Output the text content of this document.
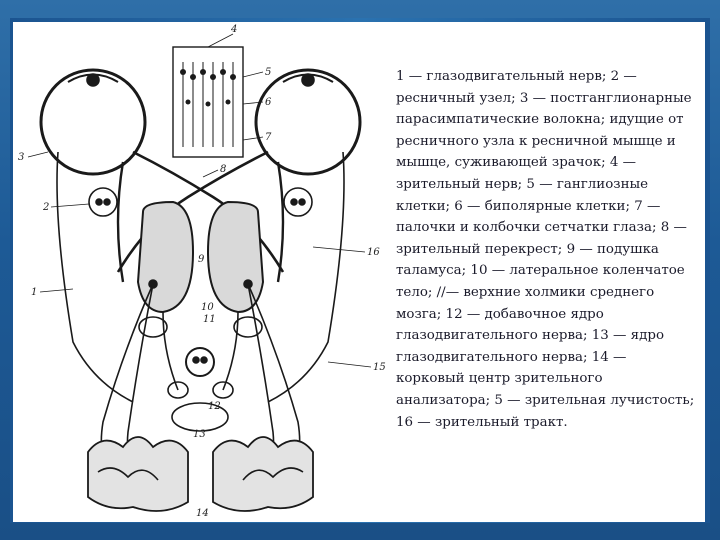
1
2
3
4
5
6
7
8
9
10
11
12
13
14
15
16

1 — глазодвигательный нерв; 2 — ресничный узел; 3 — постганглионарные парасимпатические волокна; идущие от ресничного узла к ресничной мышце и мышце, суживающей зрачок; 4 — зрительный нерв; 5 — ганглиозные клетки; 6 — биполярные клетки; 7 — палочки и колбочки сетчатки глаза; 8 — зрительный перекрест; 9 — подушка таламуса; 10 — латеральное коленчатое тело; //— верхние холмики среднего мозга; 12 — добавочное ядро глазодвигательного нерва; 13 — ядро глазодвигательного нерва; 14 — корковый центр зрительного анализатора; 5 — зрительная лучистость; 16 — зрительный тракт.
